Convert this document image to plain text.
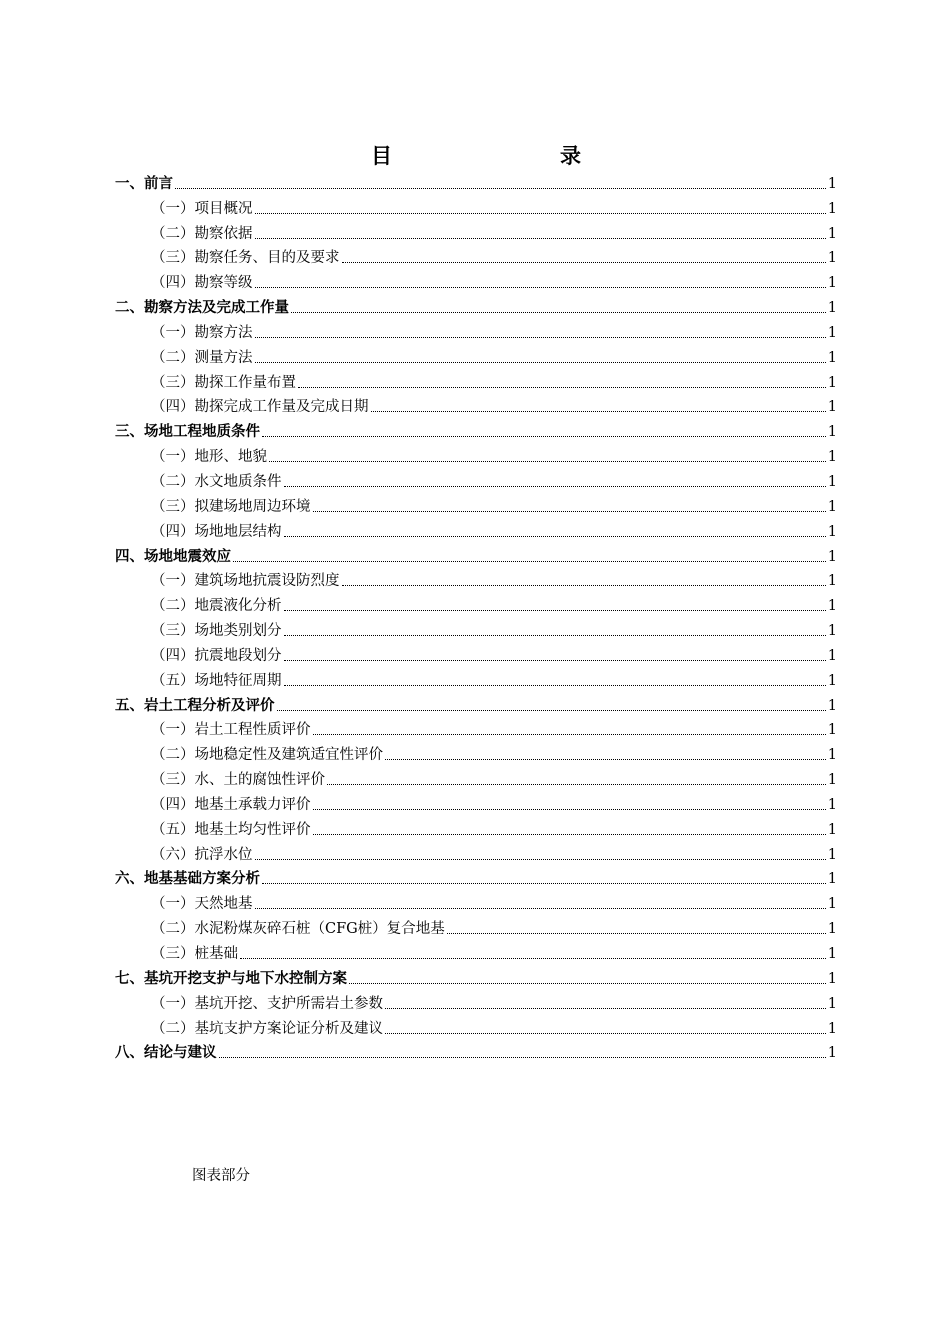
目	录
一、前言	1
（一）项目概况	1
（二）勘察依据	1
（三）勘察任务、目的及要求	1
（四）勘察等级	1
二、勘察方法及完成工作量	1
（一）勘察方法	1
（二）测量方法	1
（三）勘探工作量布置	1
（四）勘探完成工作量及完成日期	1
三、场地工程地质条件	1
（一）地形、地貌	1
（二）水文地质条件	1
（三）拟建场地周边环境	1
（四）场地地层结构	1
四、场地地震效应	1
（一）建筑场地抗震设防烈度	1
（二）地震液化分析	1
（三）场地类别划分	1
（四）抗震地段划分	1
（五）场地特征周期	1
五、岩土工程分析及评价	1
（一）岩土工程性质评价	1
（二）场地稳定性及建筑适宜性评价	1
（三）水、土的腐蚀性评价	1
（四）地基土承载力评价	1
（五）地基土均匀性评价	1
（六）抗浮水位	1
六、地基基础方案分析	1
（一）天然地基	1
（二）水泥粉煤灰碎石桩（CFG桩）复合地基	1
（三）桩基础	1
七、基坑开挖支护与地下水控制方案	1
（一）基坑开挖、支护所需岩土参数	1
（二）基坑支护方案论证分析及建议	1
八、结论与建议	1
图表部分
